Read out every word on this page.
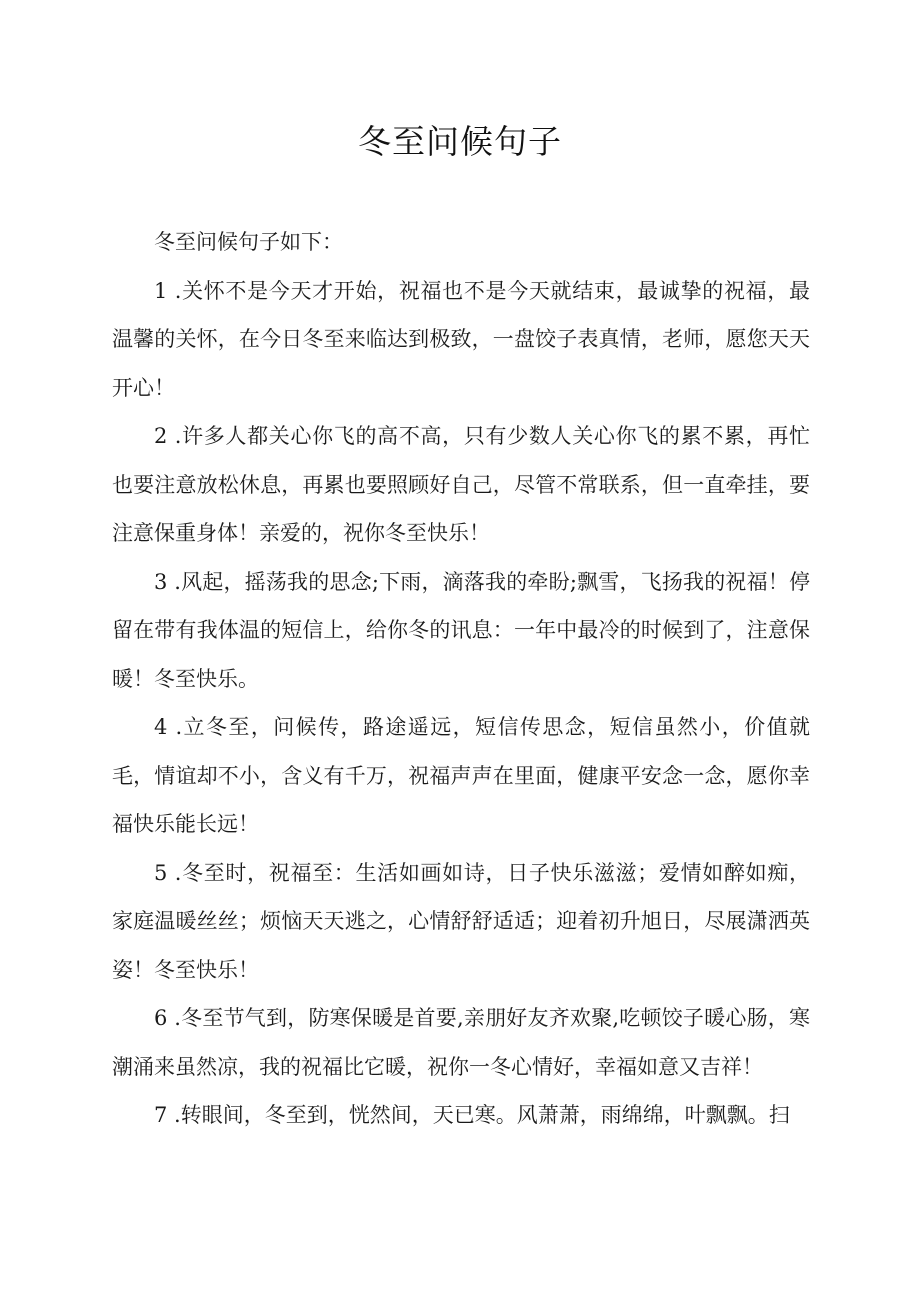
冬至问候句子

冬至问候句子如下：

1 .关怀不是今天才开始，祝福也不是今天就结束，最诚挚的祝福，最温馨的关怀，在今日冬至来临达到极致，一盘饺子表真情，老师，愿您天天开心！

2 .许多人都关心你飞的高不高，只有少数人关心你飞的累不累，再忙也要注意放松休息，再累也要照顾好自己，尽管不常联系，但一直牵挂，要注意保重身体！亲爱的，祝你冬至快乐！

3 .风起，摇荡我的思念;下雨，滴落我的牵盼;飘雪，飞扬我的祝福！停留在带有我体温的短信上，给你冬的讯息：一年中最冷的时候到了，注意保暖！冬至快乐。

4 .立冬至，问候传，路途遥远，短信传思念，短信虽然小，价值就毛，情谊却不小，含义有千万，祝福声声在里面，健康平安念一念，愿你幸福快乐能长远！

5 .冬至时，祝福至：生活如画如诗，日子快乐滋滋；爱情如醉如痴，家庭温暖丝丝；烦恼天天逃之，心情舒舒适适；迎着初升旭日，尽展潇洒英姿！冬至快乐！

6 .冬至节气到，防寒保暖是首要,亲朋好友齐欢聚,吃顿饺子暖心肠，寒潮涌来虽然凉，我的祝福比它暖，祝你一冬心情好，幸福如意又吉祥！

7 .转眼间，冬至到，恍然间，天已寒。风萧萧，雨绵绵，叶飘飘。扫
